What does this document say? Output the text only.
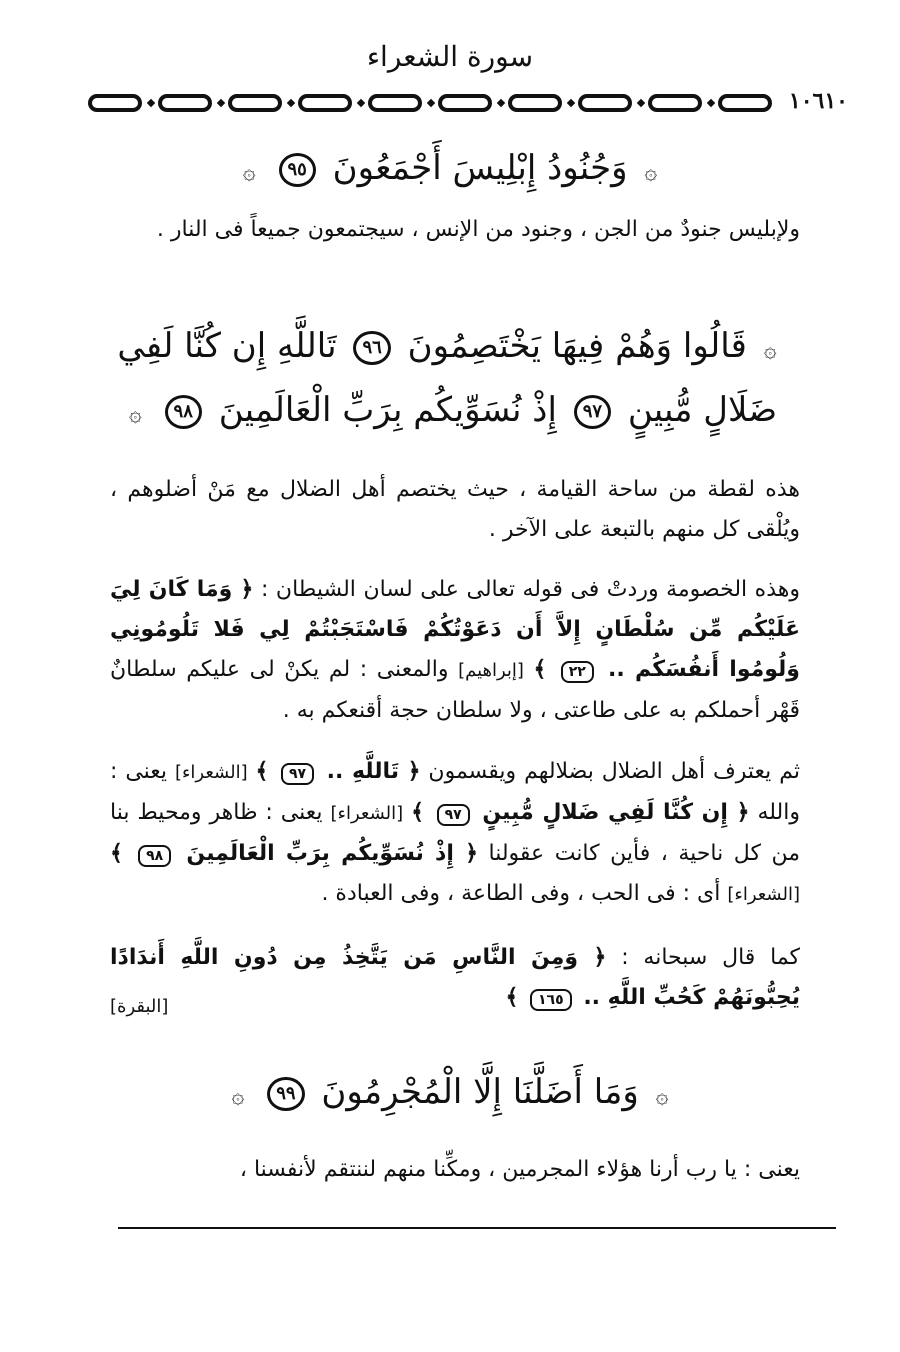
سورة الشعراء
١٠٦١٠
۞ وَجُنُودُ إِبْلِيسَ أَجْمَعُونَ ٩٥ ۞
ولإبليس جنودٌ من الجن ، وجنود من الإنس ، سيجتمعون جميعاً فى النار .
۞ قَالُوا وَهُمْ فِيهَا يَخْتَصِمُونَ ٩٦ تَاللَّهِ إِن كُنَّا لَفِي
ضَلَالٍ مُّبِينٍ ٩٧ إِذْ نُسَوِّيكُم بِرَبِّ الْعَالَمِينَ ٩٨ ۞
هذه لقطة من ساحة القيامة ، حيث يختصم أهل الضلال مع مَنْ أضلوهم ، ويُلْقى كل منهم بالتبعة على الآخر .
وهذه الخصومة وردتْ فى قوله تعالى على لسان الشيطان : ﴿ وَمَا كَانَ لِيَ عَلَيْكُم مِّن سُلْطَانٍ إِلاَّ أَن دَعَوْتُكُمْ فَاسْتَجَبْتُمْ لِي فَلا تَلُومُونِي وَلُومُوا أَنفُسَكُم .. ٢٢ ﴾ [إبراهيم] والمعنى : لم يكنْ لى عليكم سلطانٌ قَهْر أحملكم به على طاعتى ، ولا سلطان حجة أقنعكم به .
ثم يعترف أهل الضلال بضلالهم ويقسمون ﴿ تَاللَّهِ .. ٩٧ ﴾ [الشعراء] يعنى : والله ﴿ إِن كُنَّا لَفِي ضَلالٍ مُّبِينٍ ٩٧ ﴾ [الشعراء] يعنى : ظاهر ومحيط بنا من كل ناحية ، فأين كانت عقولنا ﴿ إِذْ نُسَوِّيكُم بِرَبِّ الْعَالَمِينَ ٩٨ ﴾ [الشعراء] أى : فى الحب ، وفى الطاعة ، وفى العبادة .
كما قال سبحانه : ﴿ وَمِنَ النَّاسِ مَن يَتَّخِذُ مِن دُونِ اللَّهِ أَندَادًا يُحِبُّونَهُمْ كَحُبِّ اللَّهِ .. ١٦٥ ﴾
[البقرة]
۞ وَمَا أَضَلَّنَا إِلَّا الْمُجْرِمُونَ ٩٩ ۞
يعنى : يا رب أرنا هؤلاء المجرمين ، ومكِّنا منهم لننتقم لأنفسنا ،
